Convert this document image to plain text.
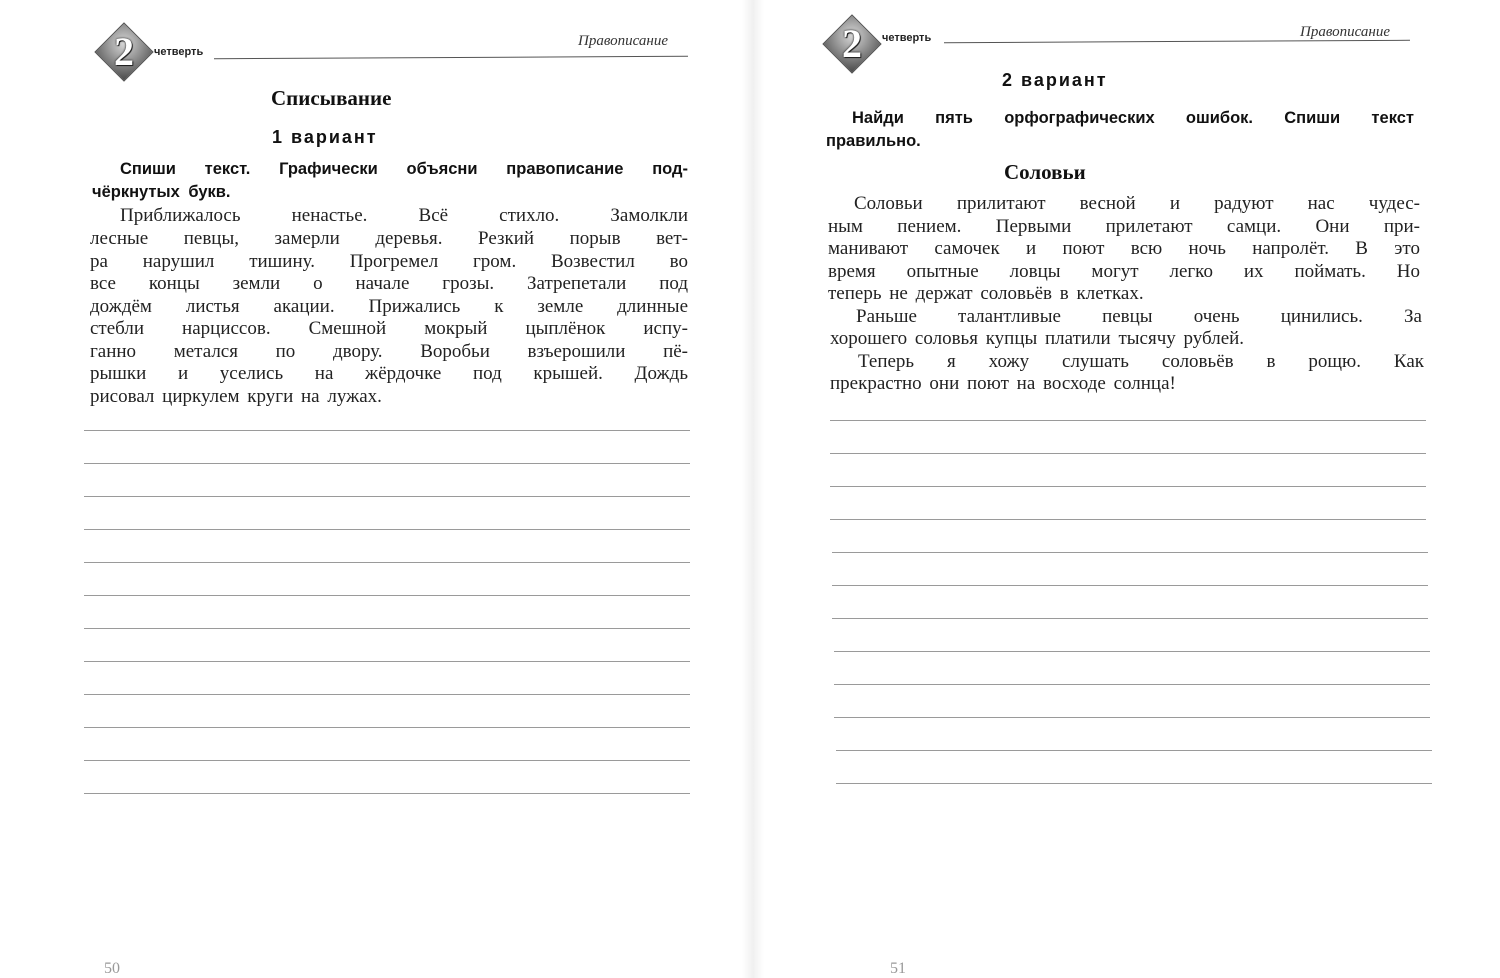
2	четверть
Правописание
Списывание
1 вариант
Спиши текст. Графически объясни правописание под-
чёркнутых букв.
Приближалось ненастье. Всё стихло. Замолкли
лесные певцы, замерли деревья. Резкий порыв вет-
ра нарушил тишину. Прогремел гром. Возвестил во
все концы земли о начале грозы. Затрепетали под
дождём листья акации. Прижались к земле длинные
стебли нарциссов. Смешной мокрый цыплёнок испу-
ганно метался по двору. Воробьи взъерошили пё-
рышки и уселись на жёрдочке под крышей. Дождь
рисовал циркулем круги на лужах.
50
2	четверть	Правописание
2 вариант
Найди пять орфографических ошибок. Спиши текст
правильно.
Соловьи
Соловьи прилитают весной и радуют нас чудес-
ным пением. Первыми прилетают самци. Они при-
манивают самочек и поют всю ночь напролёт. В это
время опытные ловцы могут легко их поймать. Но
теперь не держат соловьёв в клетках.
Раньше талантливые певцы очень цинились. За
хорошего соловья купцы платили тысячу рублей.
Теперь я хожу слушать соловьёв в рощю. Как
прекрастно они поют на восходе солнца!
51
